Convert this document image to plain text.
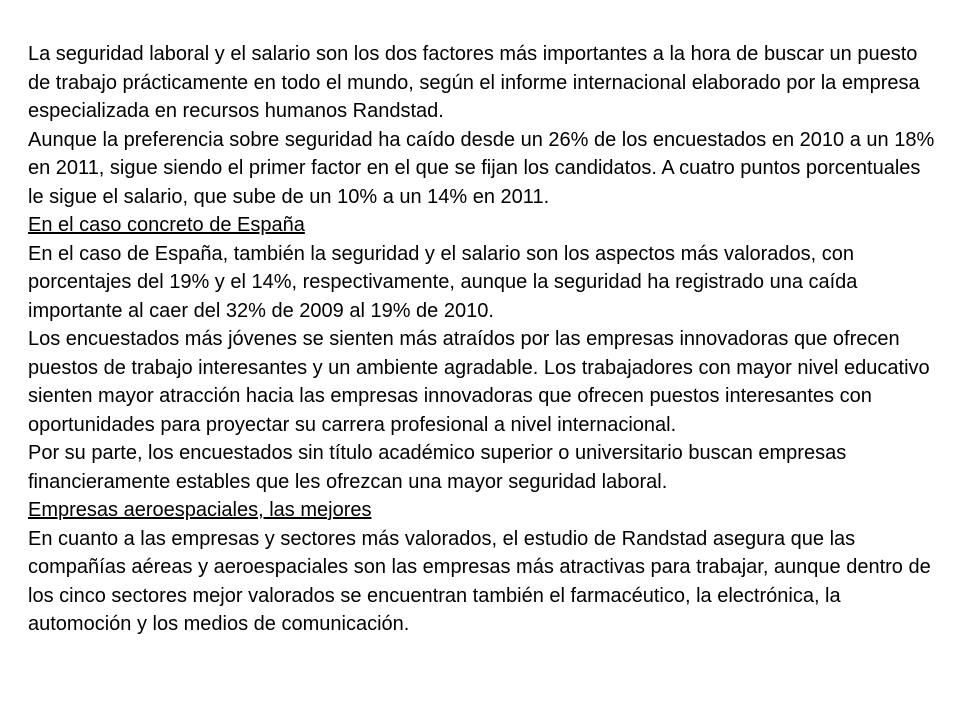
La seguridad laboral y el salario son los dos factores más importantes a la hora de buscar un puesto de trabajo prácticamente en todo el mundo, según el informe internacional elaborado por la empresa especializada en recursos humanos Randstad.

Aunque la preferencia sobre seguridad ha caído desde un 26% de los encuestados en 2010 a un 18% en 2011, sigue siendo el primer factor en el que se fijan los candidatos. A cuatro puntos porcentuales le sigue el salario, que sube de un 10% a un 14% en 2011.

En el caso concreto de España

En el caso de España, también la seguridad y el salario son los aspectos más valorados, con porcentajes del 19% y el 14%, respectivamente, aunque la seguridad ha registrado una caída importante al caer del 32% de 2009 al 19% de 2010.

Los encuestados más jóvenes se sienten más atraídos por las empresas innovadoras que ofrecen puestos de trabajo interesantes y un ambiente agradable. Los trabajadores con mayor nivel educativo sienten mayor atracción hacia las empresas innovadoras que ofrecen puestos interesantes con oportunidades para proyectar su carrera profesional a nivel internacional.

Por su parte, los encuestados sin título académico superior o universitario buscan empresas financieramente estables que les ofrezcan una mayor seguridad laboral.

Empresas aeroespaciales, las mejores

En cuanto a las empresas y sectores más valorados, el estudio de Randstad asegura que las compañías aéreas y aeroespaciales son las empresas más atractivas para trabajar, aunque dentro de los cinco sectores mejor valorados se encuentran también el farmacéutico, la electrónica, la automoción y los medios de comunicación.
